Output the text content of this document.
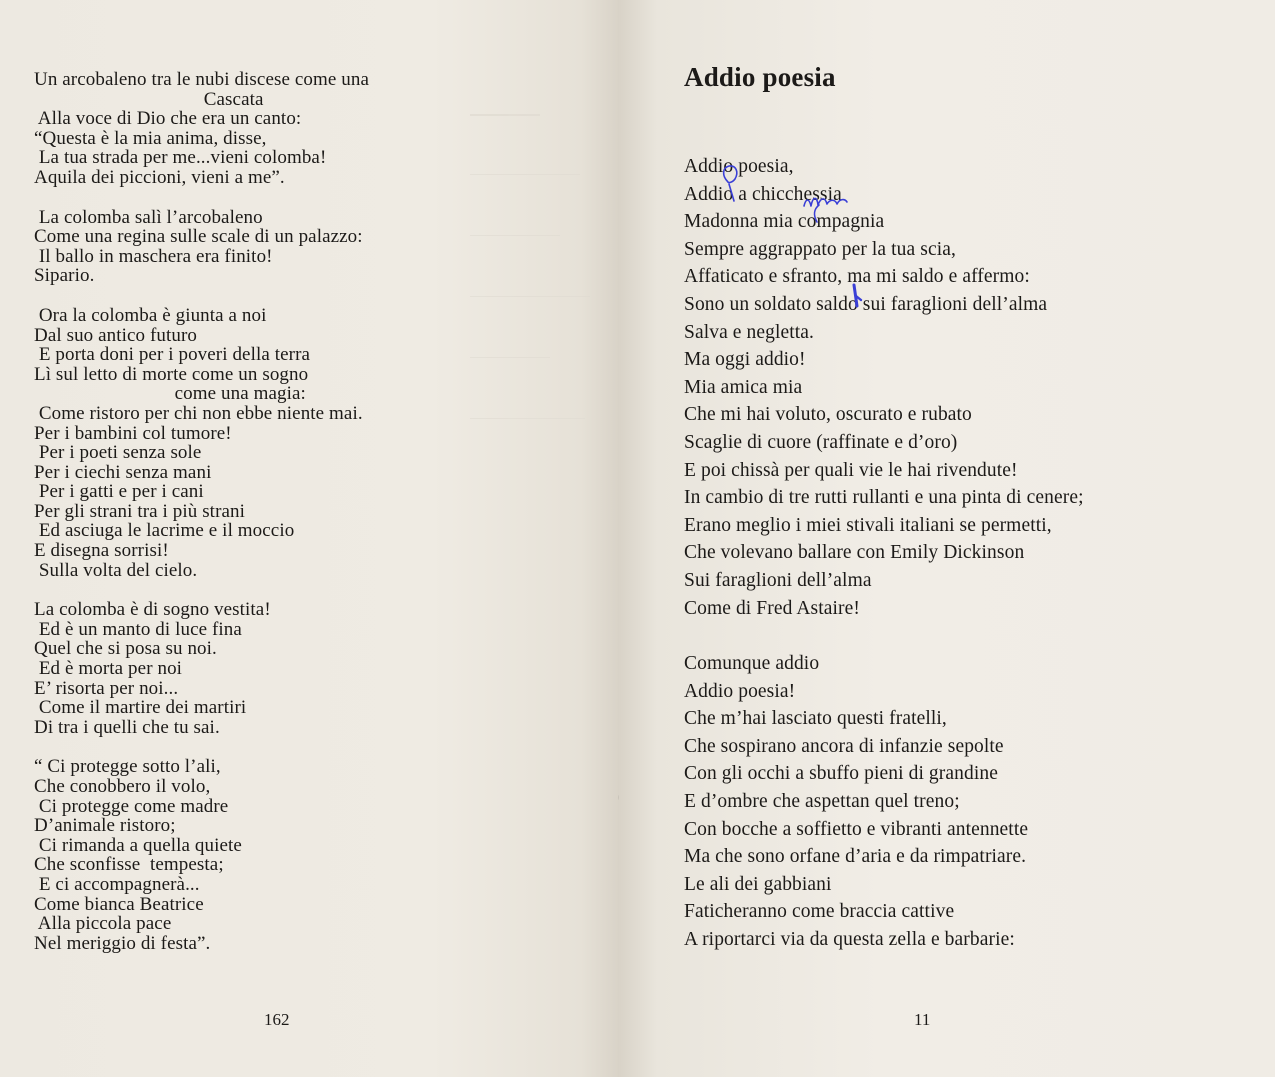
Un arcobaleno tra le nubi discese come una
Cascata
Alla voce di Dio che era un canto:
“Questa è la mia anima, disse,
La tua strada per me...vieni colomba!
Aquila dei piccioni, vieni a me”.
La colomba salì l’arcobaleno
Come una regina sulle scale di un palazzo:
Il ballo in maschera era finito!
Sipario.
Ora la colomba è giunta a noi
Dal suo antico futuro
E porta doni per i poveri della terra
Lì sul letto di morte come un sogno
come una magia:
Come ristoro per chi non ebbe niente mai.
Per i bambini col tumore!
Per i poeti senza sole
Per i ciechi senza mani
Per i gatti e per i cani
Per gli strani tra i più strani
Ed asciuga le lacrime e il moccio
E disegna sorrisi!
Sulla volta del cielo.
La colomba è di sogno vestita!
Ed è un manto di luce fina
Quel che si posa su noi.
Ed è morta per noi
E’ risorta per noi...
Come il martire dei martiri
Di tra i quelli che tu sai.
“ Ci protegge sotto l’ali,
Che conobbero il volo,
Ci protegge come madre
D’animale ristoro;
Ci rimanda a quella quiete
Che sconfisse  tempesta;
E ci accompagnerà...
Come bianca Beatrice
Alla piccola pace
Nel meriggio di festa”.
162
Addio poesia
Addio poesia,
Addio a chicchessia
Madonna mia compagnia
Sempre aggrappato per la tua scia,
Affaticato e sfranto, ma mi saldo e affermo:
Sono un soldato saldo sui faraglioni dell’alma
Salva e negletta.
Ma oggi addio!
Mia amica mia
Che mi hai voluto, oscurato e rubato
Scaglie di cuore (raffinate e d’oro)
E poi chissà per quali vie le hai rivendute!
In cambio di tre rutti rullanti e una pinta di cenere;
Erano meglio i miei stivali italiani se permetti,
Che volevano ballare con Emily Dickinson
Sui faraglioni dell’alma
Come di Fred Astaire!
Comunque addio
Addio poesia!
Che m’hai lasciato questi fratelli,
Che sospirano ancora di infanzie sepolte
Con gli occhi a sbuffo pieni di grandine
E d’ombre che aspettan quel treno;
Con bocche a soffietto e vibranti antennette
Ma che sono orfane d’aria e da rimpatriare.
Le ali dei gabbiani
Faticheranno come braccia cattive
A riportarci via da questa zella e barbarie:
11
